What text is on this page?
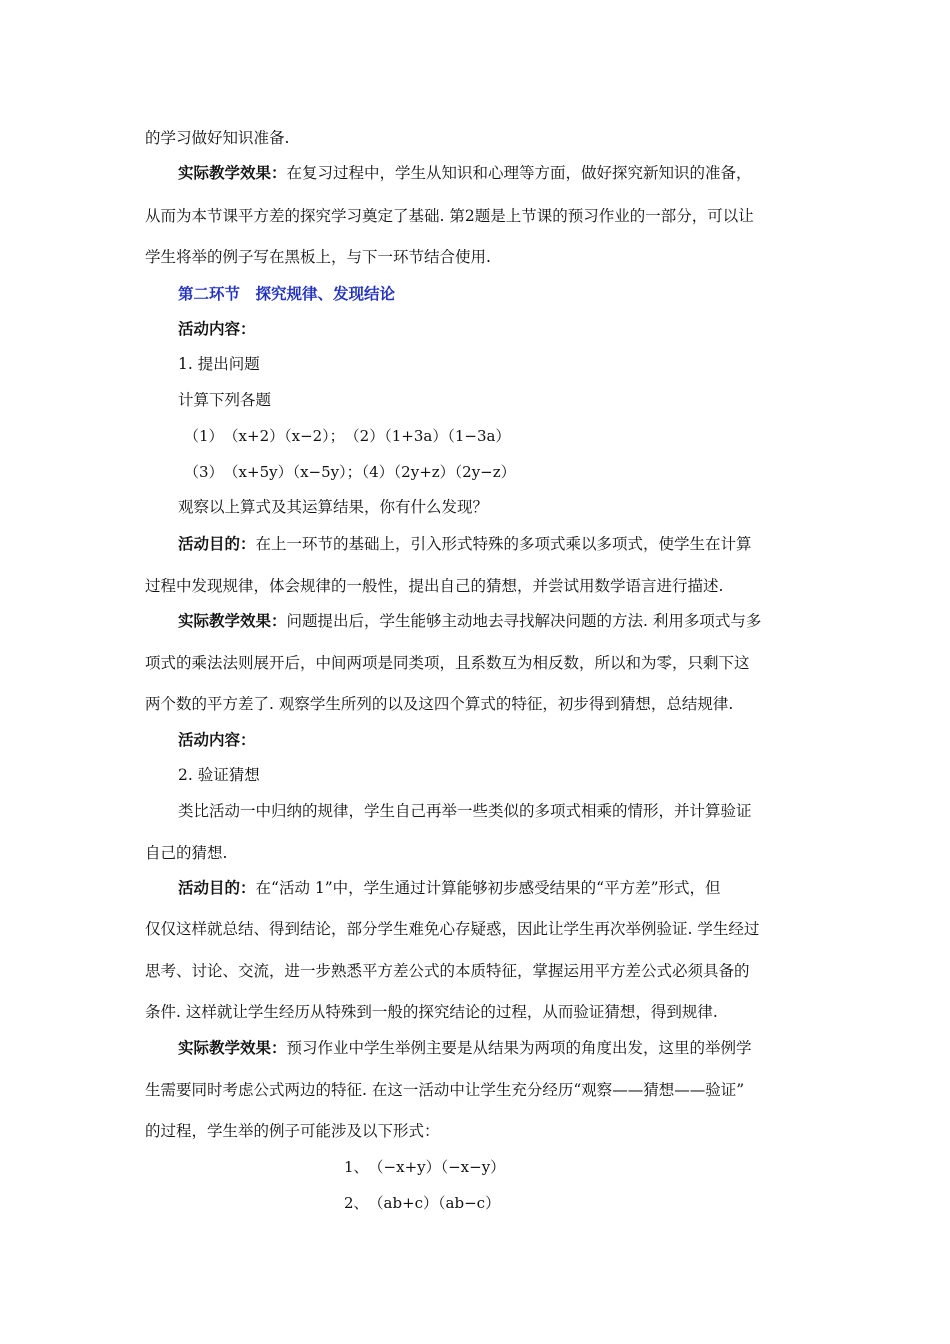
的学习做好知识准备.
实际教学效果：在复习过程中，学生从知识和心理等方面，做好探究新知识的准备，
从而为本节课平方差的探究学习奠定了基础. 第2题是上节课的预习作业的一部分，可以让
学生将举的例子写在黑板上，与下一环节结合使用.
第二环节　探究规律、发现结论
活动内容：
1. 提出问题
计算下列各题
（1）　（x+2）（x−2）；　（2）（1+3a）（1−3a）
（3）　（x+5y）（x−5y）；（4）（2y+z）（2y−z）
观察以上算式及其运算结果，你有什么发现？
活动目的：在上一环节的基础上，引入形式特殊的多项式乘以多项式，使学生在计算
过程中发现规律，体会规律的一般性，提出自己的猜想，并尝试用数学语言进行描述.
实际教学效果：问题提出后，学生能够主动地去寻找解决问题的方法. 利用多项式与多
项式的乘法法则展开后，中间两项是同类项，且系数互为相反数，所以和为零，只剩下这
两个数的平方差了. 观察学生所列的以及这四个算式的特征，初步得到猜想，总结规律.
活动内容：
2. 验证猜想
类比活动一中归纳的规律，学生自己再举一些类似的多项式相乘的情形，并计算验证
自己的猜想.
活动目的：在“活动 1”中，学生通过计算能够初步感受结果的“平方差”形式，但
仅仅这样就总结、得到结论，部分学生难免心存疑惑，因此让学生再次举例验证. 学生经过
思考、讨论、交流，进一步熟悉平方差公式的本质特征，掌握运用平方差公式必须具备的
条件. 这样就让学生经历从特殊到一般的探究结论的过程，从而验证猜想，得到规律.
实际教学效果：预习作业中学生举例主要是从结果为两项的角度出发，这里的举例学
生需要同时考虑公式两边的特征. 在这一活动中让学生充分经历“观察——猜想——验证”
的过程，学生举的例子可能涉及以下形式：
1、　（−x+y）（−x−y）
2、　（ab+c）（ab−c）
